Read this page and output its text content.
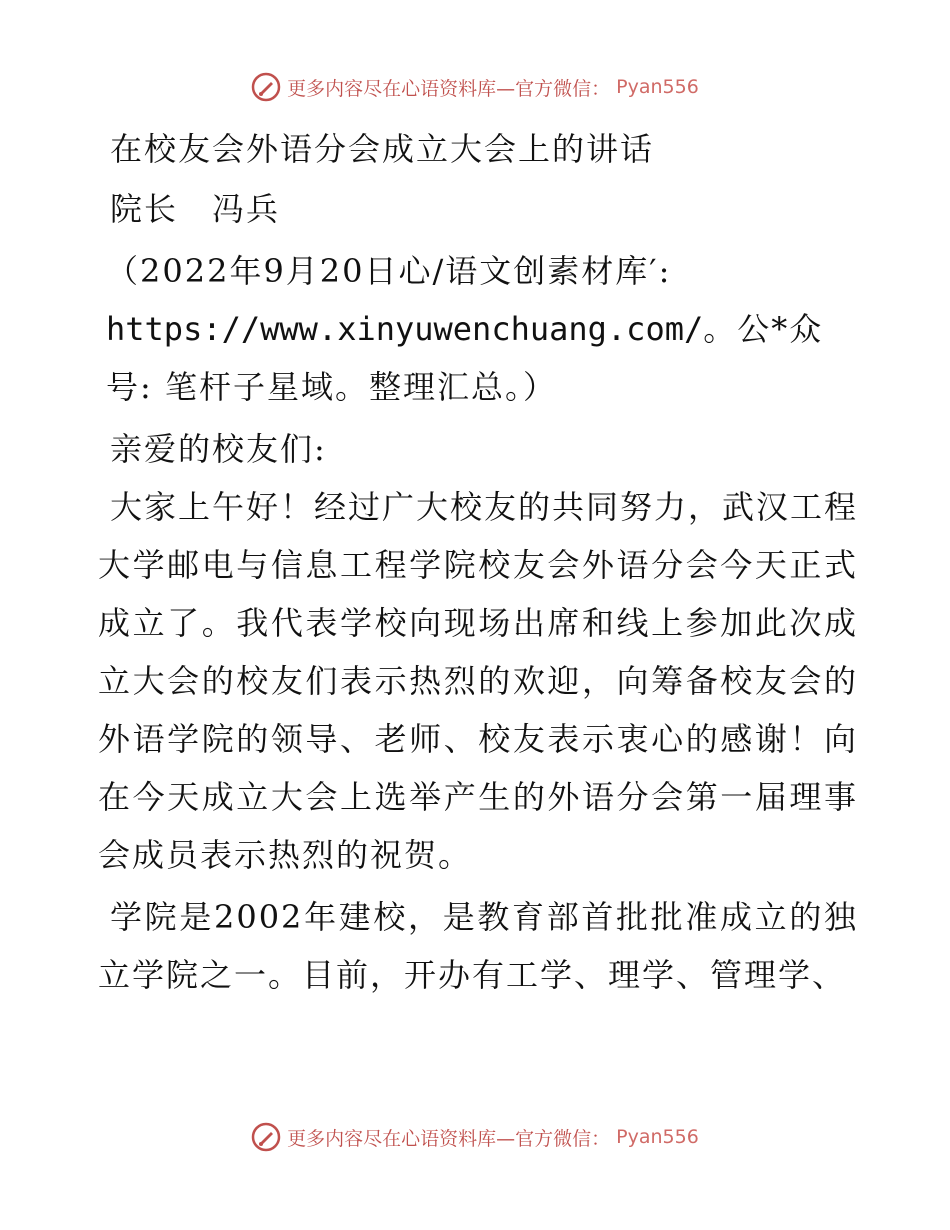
更多内容尽在心语资料库—官方微信： Pyan556

在校友会外语分会成立大会上的讲话

院长　冯兵

（2022年9月20日心/语文创素材库′:
https://www.xinyuwenchuang.com/。公*众号: 笔杆子星域。整理汇总。）

亲爱的校友们:

大家上午好！经过广大校友的共同努力，武汉工程大学邮电与信息工程学院校友会外语分会今天正式成立了。我代表学校向现场出席和线上参加此次成立大会的校友们表示热烈的欢迎，向筹备校友会的外语学院的领导、老师、校友表示衷心的感谢！向在今天成立大会上选举产生的外语分会第一届理事会成员表示热烈的祝贺。

学院是2002年建校，是教育部首批批准成立的独立学院之一。目前，开办有工学、理学、管理学、

更多内容尽在心语资料库—官方微信： Pyan556
